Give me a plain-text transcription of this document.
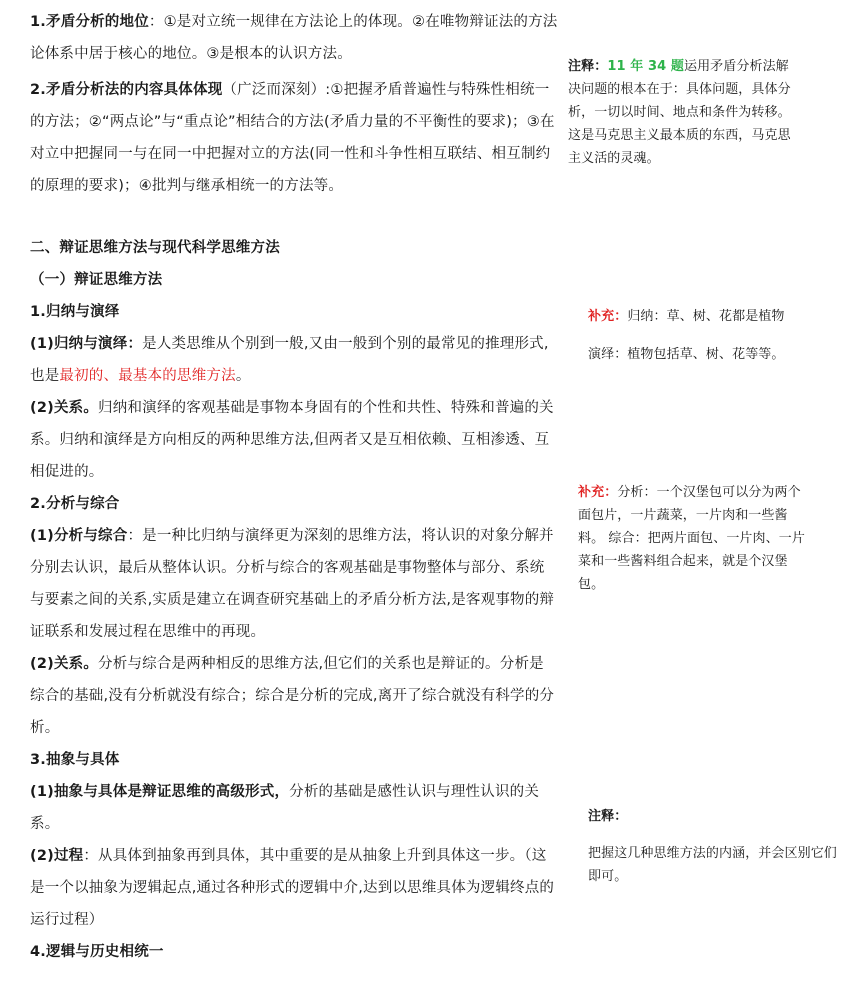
1.矛盾分析的地位：①是对立统一规律在方法论上的体现。②在唯物辩证法的方法论体系中居于核心的地位。③是根本的认识方法。

2.矛盾分析法的内容具体体现（广泛而深刻）:①把握矛盾普遍性与特殊性相统一的方法；②“两点论”与“重点论”相结合的方法(矛盾力量的不平衡性的要求)；③在对立中把握同一与在同一中把握对立的方法(同一性和斗争性相互联结、相互制约的原理的要求)；④批判与继承相统一的方法等。

二、辩证思维方法与现代科学思维方法

（一）辩证思维方法

1.归纳与演绎

(1)归纳与演绎：是人类思维从个别到一般,又由一般到个别的最常见的推理形式,也是最初的、最基本的思维方法。

(2)关系。归纳和演绎的客观基础是事物本身固有的个性和共性、特殊和普遍的关系。归纳和演绎是方向相反的两种思维方法,但两者又是互相依赖、互相渗透、互相促进的。

2.分析与综合

(1)分析与综合：是一种比归纳与演绎更为深刻的思维方法，将认识的对象分解并分别去认识，最后从整体认识。分析与综合的客观基础是事物整体与部分、系统与要素之间的关系,实质是建立在调查研究基础上的矛盾分析方法,是客观事物的辩证联系和发展过程在思维中的再现。

(2)关系。分析与综合是两种相反的思维方法,但它们的关系也是辩证的。分析是综合的基础,没有分析就没有综合；综合是分析的完成,离开了综合就没有科学的分析。

3.抽象与具体

(1)抽象与具体是辩证思维的高级形式，分析的基础是感性认识与理性认识的关系。

(2)过程：从具体到抽象再到具体，其中重要的是从抽象上升到具体这一步。（这是一个以抽象为逻辑起点,通过各种形式的逻辑中介,达到以思维具体为逻辑终点的运行过程）

4.逻辑与历史相统一

注释：11 年 34 题运用矛盾分析法解决问题的根本在于：具体问题，具体分析，一切以时间、地点和条件为转移。这是马克思主义最本质的东西，马克思主义活的灵魂。
补充：归纳：草、树、花都是植物
演绎：植物包括草、树、花等等。
补充：分析：一个汉堡包可以分为两个面包片，一片蔬菜，一片肉和一些酱料。 综合：把两片面包、一片肉、一片菜和一些酱料组合起来，就是个汉堡包。
注释：
把握这几种思维方法的内涵，并会区别它们即可。
